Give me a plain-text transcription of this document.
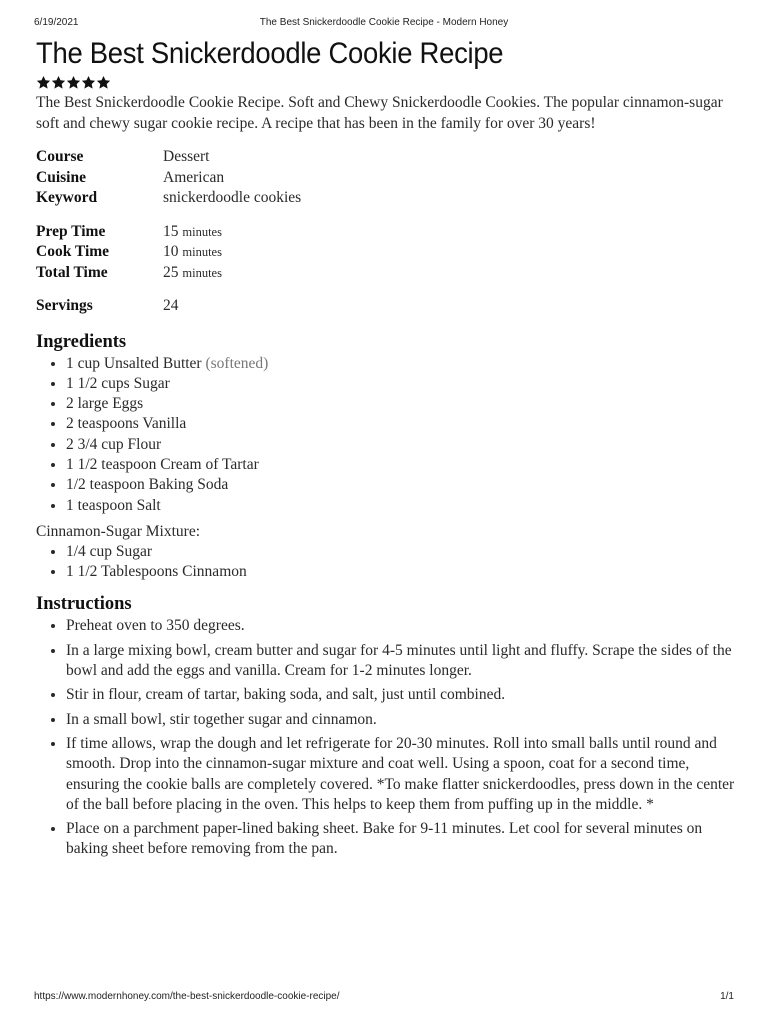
6/19/2021	The Best Snickerdoodle Cookie Recipe - Modern Honey
The Best Snickerdoodle Cookie Recipe

The Best Snickerdoodle Cookie Recipe. Soft and Chewy Snickerdoodle Cookies. The popular cinnamon-sugar soft and chewy sugar cookie recipe. A recipe that has been in the family for over 30 years!

Course	Dessert
Cuisine	American
Keyword	snickerdoodle cookies
Prep Time	15 minutes
Cook Time	10 minutes
Total Time	25 minutes
Servings	24
Ingredients
• 1 cup Unsalted Butter (softened)
• 1 1/2 cups Sugar
• 2 large Eggs
• 2 teaspoons Vanilla
• 2 3/4 cup Flour
• 1 1/2 teaspoon Cream of Tartar
• 1/2 teaspoon Baking Soda
• 1 teaspoon Salt
Cinnamon-Sugar Mixture:
• 1/4 cup Sugar
• 1 1/2 Tablespoons Cinnamon
Instructions
• Preheat oven to 350 degrees.
• In a large mixing bowl, cream butter and sugar for 4-5 minutes until light and fluffy. Scrape the sides of the bowl and add the eggs and vanilla. Cream for 1-2 minutes longer.
• Stir in flour, cream of tartar, baking soda, and salt, just until combined.
• In a small bowl, stir together sugar and cinnamon.
• If time allows, wrap the dough and let refrigerate for 20-30 minutes. Roll into small balls until round and smooth. Drop into the cinnamon-sugar mixture and coat well. Using a spoon, coat for a second time, ensuring the cookie balls are completely covered. *To make flatter snickerdoodles, press down in the center of the ball before placing in the oven. This helps to keep them from puffing up in the middle. *
• Place on a parchment paper-lined baking sheet. Bake for 9-11 minutes. Let cool for several minutes on baking sheet before removing from the pan.
https://www.modernhoney.com/the-best-snickerdoodle-cookie-recipe/	1/1
